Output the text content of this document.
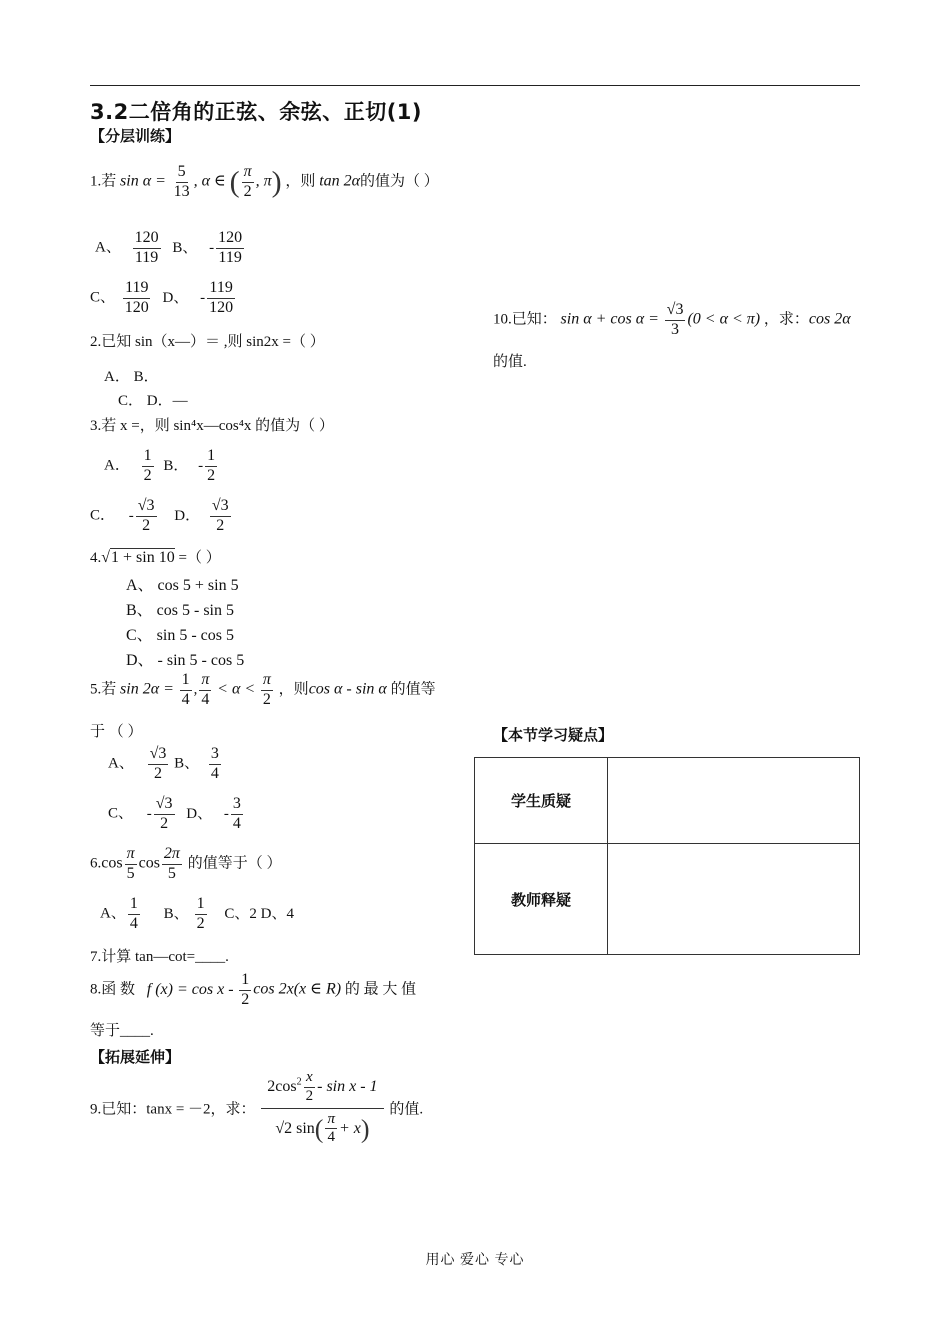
3.2二倍角的正弦、余弦、正切(1)
【分层训练】
1.若 $\sin \alpha = \frac{5}{13}$ , α ∈ ( $\frac{\pi}{2}$ , π) ，则 tan 2α的值为（ ）
A、 $\frac{120}{119}$ B、 - $\frac{120}{119}$
C、 $\frac{119}{120}$ D、 - $\frac{119}{120}$
2.已知 sin（x—）＝ ,则 sin2x =（ ）
A． B．
C． D．—
3.若 x =，则 sin⁴x—cos⁴x 的值为（ ）
A． $\frac{1}{2}$ B． - $\frac{1}{2}$
C． - $\frac{√3}{2}$ D． $\frac{√3}{2}$
4.√1 + sin 10 =（ ）
A、 cos 5 + sin 5
B、 cos 5 - sin 5
C、 sin 5 - cos 5
D、 - sin 5 - cos 5
5.若 $\sin 2\alpha = \frac{1}{4}$ , $\frac{\pi}{4} < \alpha < \frac{\pi}{2}$ ，则cos α - sin α 的值等
于 （ ）
A、 $\frac{√3}{2}$ B、 $\frac{3}{4}$
C、 - $\frac{√3}{2}$ D、 - $\frac{3}{4}$
$6.\cos \frac{\pi}{5}$ $\cos \frac{2\pi}{5}$ 的值等于（ ）
A、 $\frac{1}{4}$ B、 $\frac{1}{2}$ C、2 D、4
7.计算 tan—cot=____.
8.函 数 f $(x) = \cos x - \frac{1}{2}$ cos 2x(x ∈ R) 的 最 大 值
等于____.
【拓展延伸】
9.已知：tanx = －2，求： $\frac{2\cos^2 \frac{x}{2} - \sin x - 1}{√2 \sin( \frac{\pi}{4} + x)}$ 的值.
10.已知： $\sin \alpha + \cos \alpha = \frac{√3}{3} (0 < \alpha < \pi)$ ，求：cos 2α
的值.
【本节学习疑点】
学生质疑	
教师释疑	
用心 爱心 专心
